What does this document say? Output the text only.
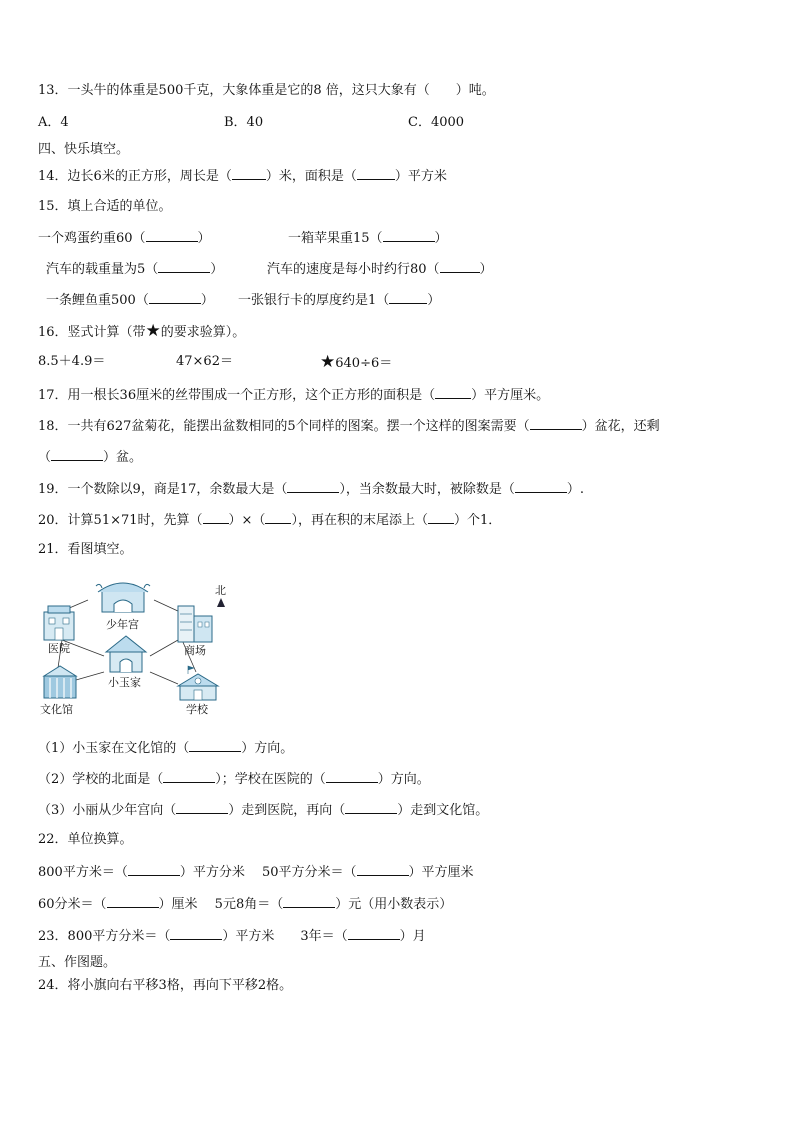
13．一头牛的体重是500千克，大象体重是它的8 倍，这只大象有（　　）吨。
A．4	B．40	C．4000
四、快乐填空。
14．边长6米的正方形，周长是（	）米，面积是（	）平方米
15．填上合适的单位。
一个鸡蛋约重60（	）	一箱苹果重15（	）
汽车的载重量为5（	）	汽车的速度是每小时约行80（	）
一条鲤鱼重500（	） 一张银行卡的厚度约是1（	）
16．竖式计算（带★的要求验算）。
8.5＋4.9＝	47×62＝	★640÷6＝
17．用一根长36厘米的丝带围成一个正方形，这个正方形的面积是（	）平方厘米。
18．一共有627盆菊花，能摆出盆数相同的5个同样的图案。摆一个这样的图案需要（	）盆花，还剩
（	）盆。
19．一个数除以9，商是17，余数最大是（	），当余数最大时，被除数是（	）.
20．计算51×71时，先算（ ）×（ ），再在积的末尾添上（ ）个1．
21．看图填空。
北
少年宫
医院	商场
小玉家
文化馆	学校
（1）小玉家在文化馆的（	）方向。
（2）学校的北面是（	）；学校在医院的（	）方向。
（3）小丽从少年宫向（	）走到医院，再向（	）走到文化馆。
22．单位换算。
800平方米＝（	）平方分米　 50平方分米＝（	）平方厘米
60分米＝（	）厘米　 5元8角＝（	）元（用小数表示）
23．800平方分米＝（	）平方米　　3年＝（	）月
五、作图题。
24．将小旗向右平移3格，再向下平移2格。
